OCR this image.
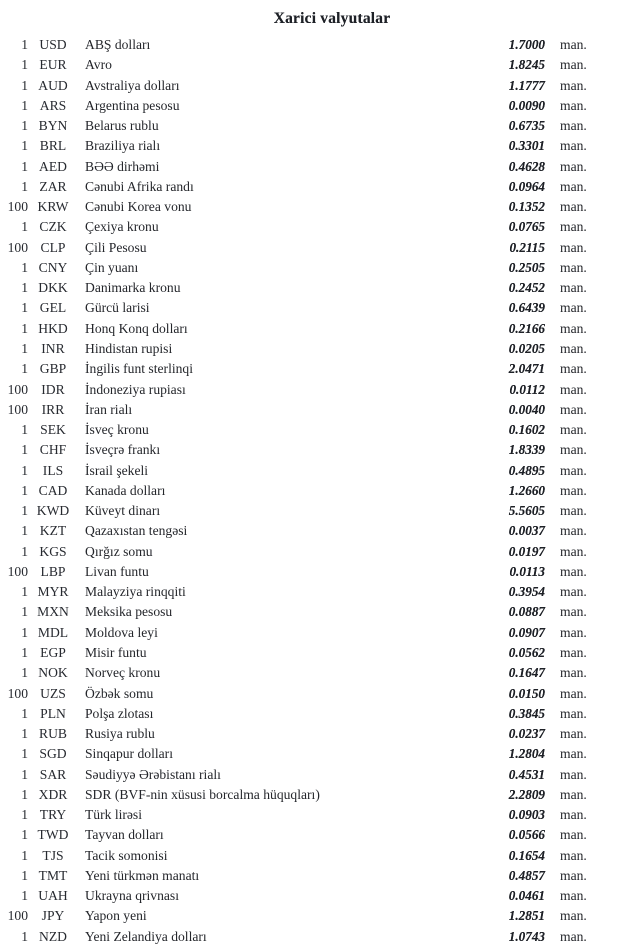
Xarici valyutalar
1 USD	ABŞ dolları	1.7000	man.
1 EUR	Avro	1.8245	man.
1 AUD	Avstraliya dolları	1.1777	man.
1 ARS	Argentina pesosu	0.0090	man.
1 BYN	Belarus rublu	0.6735	man.
1 BRL	Braziliya rialı	0.3301	man.
1 AED	BƏƏ dirhəmi	0.4628	man.
1 ZAR	Cənubi Afrika randı	0.0964	man.
100 KRW	Cənubi Korea vonu	0.1352	man.
1 CZK	Çexiya kronu	0.0765	man.
100 CLP	Çili Pesosu	0.2115	man.
1 CNY	Çin yuanı	0.2505	man.
1 DKK	Danimarka kronu	0.2452	man.
1 GEL	Gürcü larisi	0.6439	man.
1 HKD	Honq Konq dolları	0.2166	man.
1 INR	Hindistan rupisi	0.0205	man.
1 GBP	İngilis funt sterlinqi	2.0471	man.
100 IDR	İndoneziya rupiası	0.0112	man.
100	IRR	İran rialı	0.0040	man.
1 SEK	İsveç kronu	0.1602	man.
1 CHF	İsveçrə frankı	1.8339	man.
1	ILS	İsrail şekeli	0.4895	man.
1 CAD	Kanada dolları	1.2660	man.
1 KWD	Küveyt dinarı	5.5605	man.
1 KZT	Qazaxıstan tengəsi	0.0037	man.
1 KGS	Qırğız somu	0.0197	man.
100 LBP	Livan funtu	0.0113	man.
1 MYR	Malayziya rinqqiti	0.3954	man.
1 MXN	Meksika pesosu	0.0887	man.
1 MDL	Moldova leyi	0.0907	man.
1 EGP	Misir funtu	0.0562	man.
1 NOK	Norveç kronu	0.1647	man.
100 UZS	Özbək somu	0.0150	man.
1 PLN	Polşa zlotası	0.3845	man.
1 RUB	Rusiya rublu	0.0237	man.
1 SGD	Sinqapur dolları	1.2804	man.
1 SAR	Səudiyyə Ərəbistanı rialı	0.4531	man.
1 XDR	SDR (BVF-nin xüsusi borcalma hüquqları)	2.2809	man.
1 TRY	Türk lirəsi	0.0903	man.
1 TWD	Tayvan dolları	0.0566	man.
1	TJS	Tacik somonisi	0.1654	man.
1 TMT	Yeni türkmən manatı	0.4857	man.
1 UAH	Ukrayna qrivnası	0.0461	man.
100	JPY	Yapon yeni	1.2851	man.
1 NZD	Yeni Zelandiya dolları	1.0743	man.
